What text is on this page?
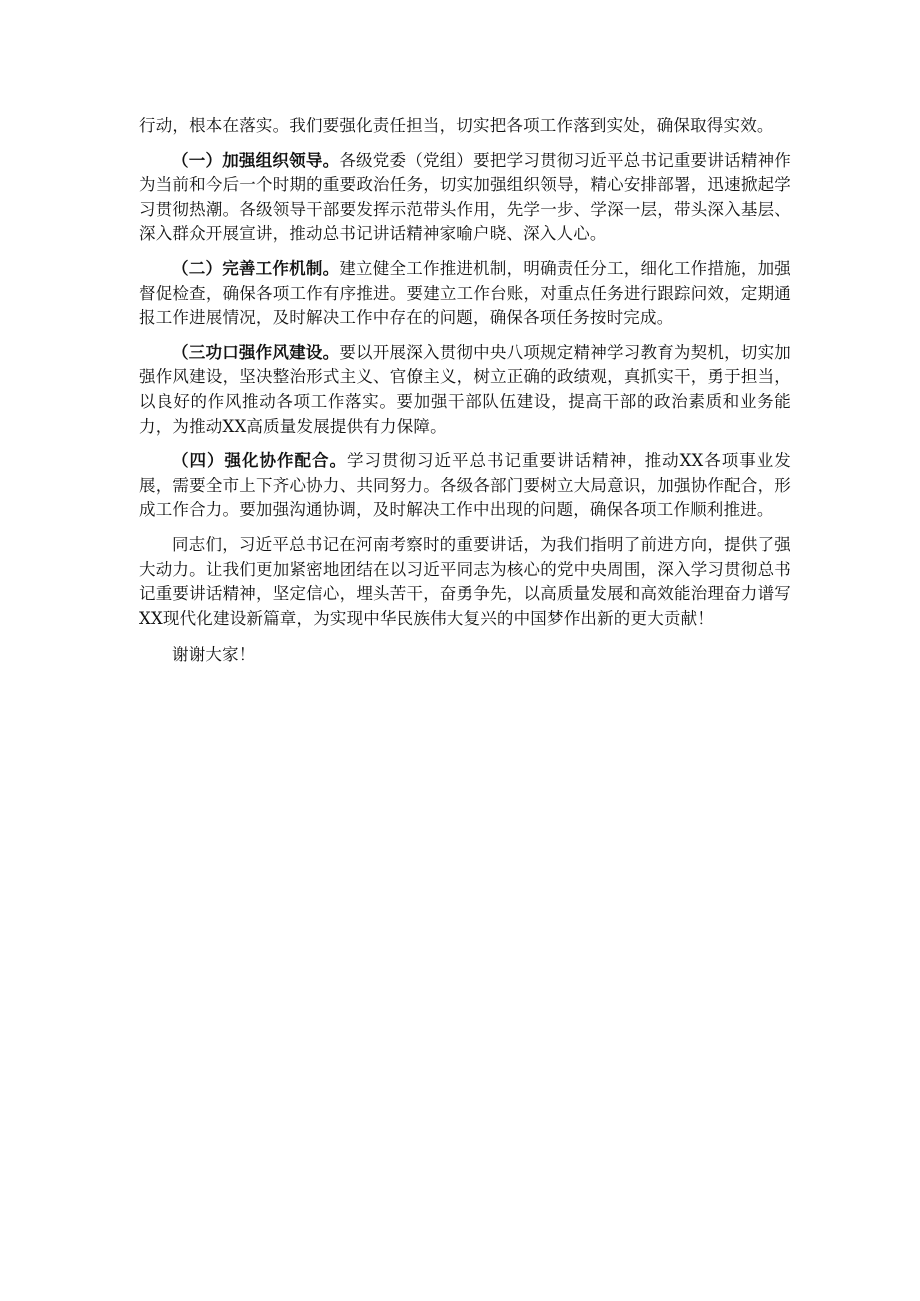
行动，根本在落实。我们要强化责任担当，切实把各项工作落到实处，确保取得实效。

（一）加强组织领导。各级党委（党组）要把学习贯彻习近平总书记重要讲话精神作为当前和今后一个时期的重要政治任务，切实加强组织领导，精心安排部署，迅速掀起学习贯彻热潮。各级领导干部要发挥示范带头作用，先学一步、学深一层，带头深入基层、深入群众开展宣讲，推动总书记讲话精神家喻户晓、深入人心。

（二）完善工作机制。建立健全工作推进机制，明确责任分工，细化工作措施，加强督促检查，确保各项工作有序推进。要建立工作台账，对重点任务进行跟踪问效，定期通报工作进展情况，及时解决工作中存在的问题，确保各项任务按时完成。

（三功口强作风建设。要以开展深入贯彻中央八项规定精神学习教育为契机，切实加强作风建设，坚决整治形式主义、官僚主义，树立正确的政绩观，真抓实干，勇于担当，以良好的作风推动各项工作落实。要加强干部队伍建设，提高干部的政治素质和业务能力，为推动XX高质量发展提供有力保障。

（四）强化协作配合。学习贯彻习近平总书记重要讲话精神，推动XX各项事业发展，需要全市上下齐心协力、共同努力。各级各部门要树立大局意识，加强协作配合，形成工作合力。要加强沟通协调，及时解决工作中出现的问题，确保各项工作顺利推进。

同志们，习近平总书记在河南考察时的重要讲话，为我们指明了前进方向，提供了强大动力。让我们更加紧密地团结在以习近平同志为核心的党中央周围，深入学习贯彻总书记重要讲话精神，坚定信心，埋头苦干，奋勇争先，以高质量发展和高效能治理奋力谱写XX现代化建设新篇章，为实现中华民族伟大复兴的中国梦作出新的更大贡献！

谢谢大家！
